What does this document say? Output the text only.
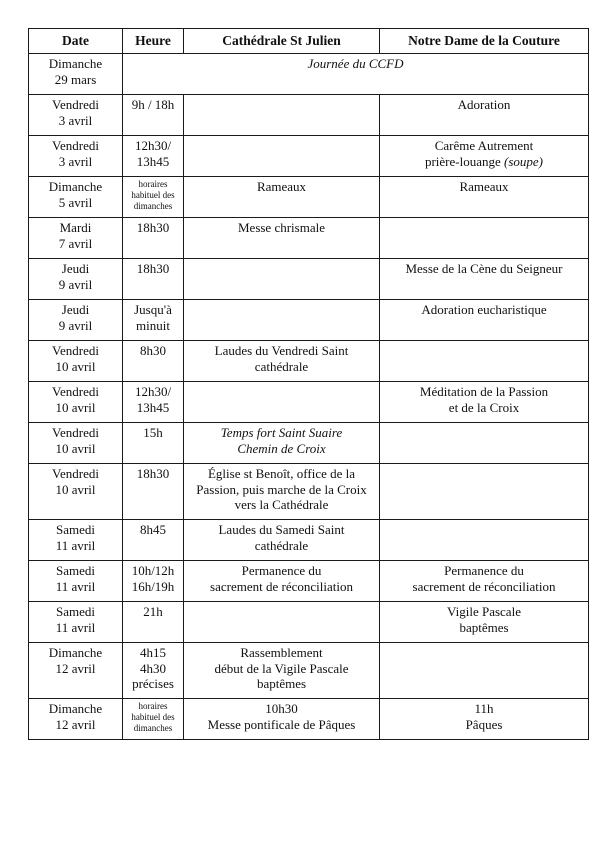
Date	Heure	Cathédrale St Julien	Notre Dame de la Couture

Dimanche
29 mars	Journée du CCFD		

Vendredi
3 avril	9h / 18h		Adoration

Vendredi
3 avril	12h30/
13h45		Carême Autrement
prière-louange (soupe)

Dimanche
5 avril	horaires
habituel des
dimanches	Rameaux	Rameaux

Mardi
7 avril	18h30	Messe chrismale	

Jeudi
9 avril	18h30		Messe de la Cène du Seigneur

Jeudi
9 avril	Jusqu'à
minuit		Adoration eucharistique

Vendredi
10 avril	8h30	Laudes du Vendredi Saint
cathédrale	

Vendredi
10 avril	12h30/
13h45		Méditation de la Passion
et de la Croix

Vendredi
10 avril	15h	Temps fort Saint Suaire
Chemin de Croix	

Vendredi
10 avril	18h30	Église st Benoît, office de la
Passion, puis marche de la Croix
vers la Cathédrale	

Samedi
11 avril	8h45	Laudes du Samedi Saint
cathédrale	

Samedi
11 avril	10h/12h
16h/19h	Permanence du
sacrement de réconciliation	Permanence du
sacrement de réconciliation

Samedi
11 avril	21h		Vigile Pascale
baptêmes

Dimanche
12 avril	4h15
4h30
précises	Rassemblement
début de la Vigile Pascale
baptêmes	

Dimanche
12 avril	horaires
habituel des
dimanches	10h30
Messe pontificale de Pâques	11h
Pâques
